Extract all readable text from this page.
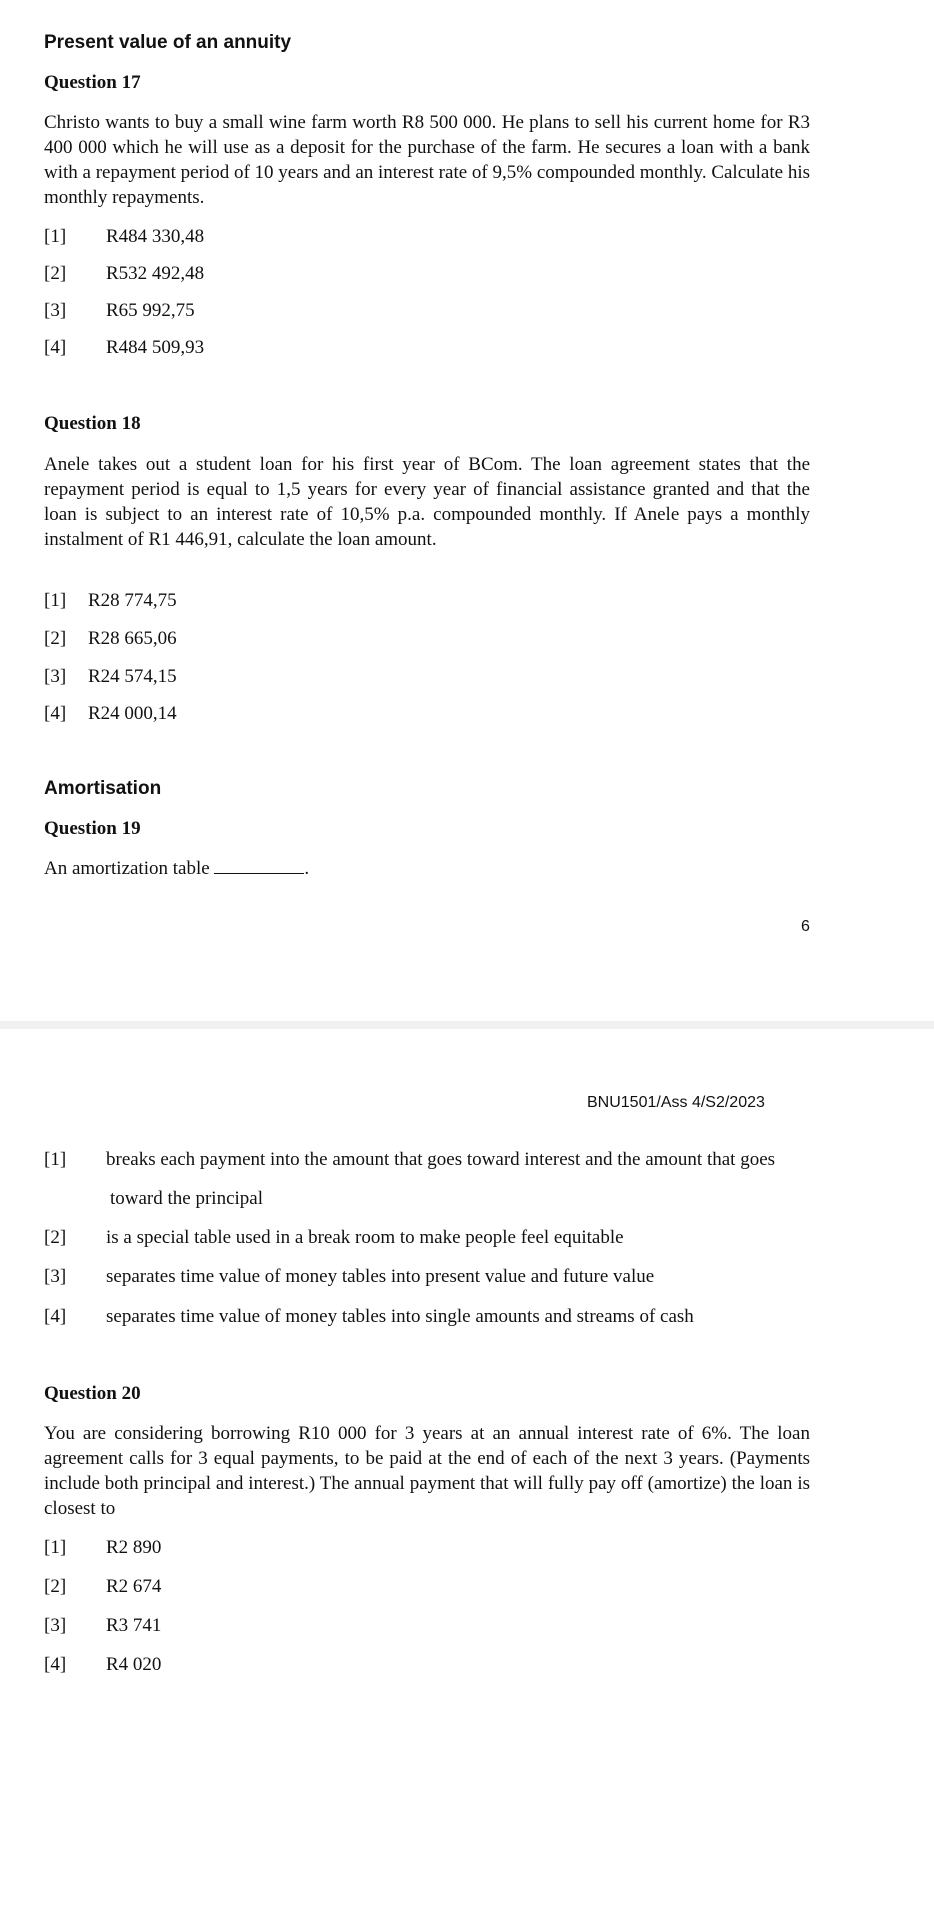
Present value of an annuity
Question 17

Christo wants to buy a small wine farm worth R8 500 000. He plans to sell his current home for R3 400 000 which he will use as a deposit for the purchase of the farm. He secures a loan with a bank with a repayment period of 10 years and an interest rate of 9,5% compounded monthly. Calculate his monthly repayments.

[1] R484 330,48
[2] R532 492,48
[3] R65 992,75
[4] R484 509,93
Question 18

Anele takes out a student loan for his first year of BCom. The loan agreement states that the repayment period is equal to 1,5 years for every year of financial assistance granted and that the loan is subject to an interest rate of 10,5% p.a. compounded monthly. If Anele pays a monthly instalment of R1 446,91, calculate the loan amount.

[1] R28 774,75
[2] R28 665,06
[3] R24 574,15
[4] R24 000,14
Amortisation
Question 19
An amortization table	.
6
BNU1501/Ass 4/S2/2023
[1] breaks each payment into the amount that goes toward interest and the amount that goes
toward the principal
[2] is a special table used in a break room to make people feel equitable
[3] separates time value of money tables into present value and future value
[4] separates time value of money tables into single amounts and streams of cash
Question 20

You are considering borrowing R10 000 for 3 years at an annual interest rate of 6%. The loan agreement calls for 3 equal payments, to be paid at the end of each of the next 3 years. (Payments include both principal and interest.) The annual payment that will fully pay off (amortize) the loan is closest to

[1] R2 890
[2] R2 674
[3] R3 741
[4] R4 020
